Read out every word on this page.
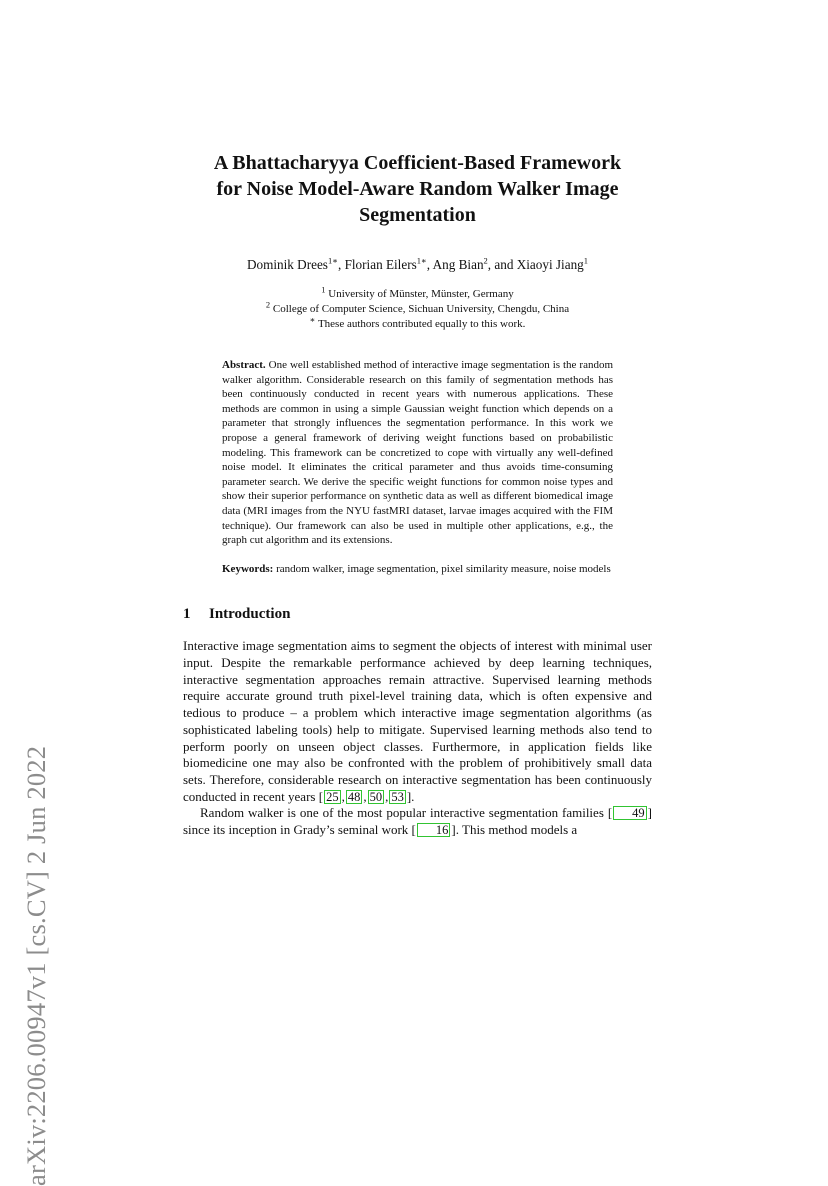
arXiv:2206.00947v1 [cs.CV] 2 Jun 2022
A Bhattacharyya Coefficient-Based Framework
for Noise Model-Aware Random Walker Image
Segmentation
Dominik Drees$^{1∗}$, Florian Eilers$^{1∗}$, Ang Bian$^2$, and Xiaoyi Jiang$^1$
$^1$ University of Münster, Münster, Germany
$^2$ College of Computer Science, Sichuan University, Chengdu, China
∗ These authors contributed equally to this work.
Abstract. One well established method of interactive image segmentation is the random walker algorithm. Considerable research on this family of segmentation methods has been continuously conducted in recent years with numerous applications. These methods are common in using a simple Gaussian weight function which depends on a parameter that strongly influences the segmentation performance. In this work we propose a general framework of deriving weight functions based on probabilistic modeling. This framework can be concretized to cope with virtually any well-defined noise model. It eliminates the critical parameter and thus avoids time-consuming parameter search. We derive the specific weight functions for common noise types and show their superior performance on synthetic data as well as different biomedical image data (MRI images from the NYU fastMRI dataset, larvae images acquired with the FIM technique). Our framework can also be used in multiple other applications, e.g., the graph cut algorithm and its extensions.
Keywords: random walker, image segmentation, pixel similarity measure, noise models
1 Introduction
Interactive image segmentation aims to segment the objects of interest with minimal user input. Despite the remarkable performance achieved by deep learning techniques, interactive segmentation approaches remain attractive. Supervised learning methods require accurate ground truth pixel-level training data, which is often expensive and tedious to produce – a problem which interactive image segmentation algorithms (as sophisticated labeling tools) help to mitigate. Supervised learning methods also tend to perform poorly on unseen object classes. Furthermore, in application fields like biomedicine one may also be confronted with the problem of prohibitively small data sets. Therefore, considerable research on interactive segmentation has been continuously conducted in recent years [ 25 , 48 , 50 , 53 ].
Random walker is one of the most popular interactive segmentation families [ 49 ] since its inception in Grady’s seminal work [ 16 ]. This method models a
